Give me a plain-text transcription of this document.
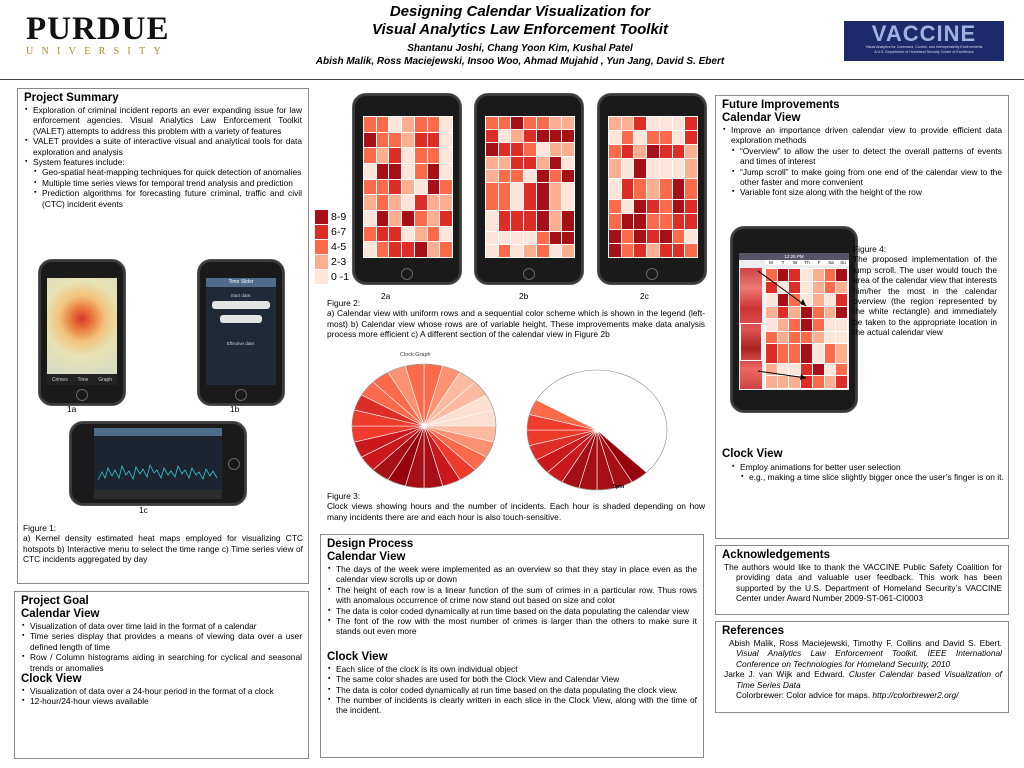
PURDUE
UNIVERSITY
Designing Calendar Visualization for
Visual Analytics Law Enforcement Toolkit
Shantanu Joshi, Chang Yoon Kim, Kushal Patel
Abish Malik, Ross Maciejewski, Insoo Woo, Ahmad Mujahid , Yun Jang, David S. Ebert
VACCINE
Visual Analytics for Command, Control, and Interoperability Environments
A U.S. Department of Homeland Security Center of Excellence
Project Summary
▪ Exploration of criminal incident reports an ever expanding issue for law enforcement agencies. Visual Analytics Law Enforcement Toolkit (VALET) attempts to address this problem with a variety of features
▪ VALET provides a suite of interactive visual and analytical tools for data exploration and analysis
▪ System features include:
▪ Geo-spatial heat-mapping techniques for quick detection of anomalies
▪ Multiple time series views for temporal trend analysis and prediction
▪ Prediction algorithms for forecasting future criminal, traffic and civil (CTC) incident events
Crimes Time Graph
1a
Time Slider
Start date:
Effective date:
1b
1c
Figure 1:
a) Kernel density estimated heat maps employed for visualizing CTC hotspots b) Interactive menu to select the time range c) Time series view of CTC incidents aggregated by day
Project Goal
Calendar View
▪ Visualization of data over time laid in the format of a calendar
▪ Time series display that provides a means of viewing data over a user defined length of time
▪ Row / Column histograms aiding in searching for cyclical and seasonal trends or anomalies
Clock View
▪ Visualization of data over a 24-hour period in the format of a clock
▪ 12-hour/24-hour views available
8-9
6-7
4-5
2-3
0 -1
2a	2b	2c
Figure 2:
a) Calendar view with uniform rows and a sequential color scheme which is shown in the legend (left-most) b) Calendar view whose rows are of variable height. These improvements make data analysis process more efficient c) A different section of the calendar view in Figure 2b
Clock Graph
5pm
Figure 3:
Clock views showing hours and the number of incidents. Each hour is shaded depending on how many incidents there are and each hour is also touch-sensitive.
Design Process
Calendar View
▪ The days of the week were implemented as an overview so that they stay in place even as the calendar view scrolls up or down
▪ The height of each row is a linear function of the sum of crimes in a particular row. Thus rows with anomalous occurrence of crime now stand out based on size and color
▪ The data is color coded dynamically at run time based on the data populating the calendar view
▪ The font of the row with the most number of crimes is larger than the others to make sure it stands out even more
Clock View
▪ Each slice of the clock is its own individual object
▪ The same color shades are used for both the Clock View and Calendar View
▪ The data is color coded dynamically at run time based on the data populating the clock view.
▪ The number of incidents is clearly written in each slice in the Clock View, along with the time of the incident.
Future Improvements
Calendar View
▪ Improve an importance driven calendar view to provide efficient data exploration methods
▪ “Overview” to allow the user to detect the overall patterns of events and times of interest
▪ “Jump scroll” to make going from one end of the calendar view to the other faster and more convenient
▪ Variable font size along with the height of the row
12:26 PM
M	T	W	Th	F	Sa	Su
Figure 4:
The proposed implementation of the jump scroll. The user would touch the area of the calendar view that interests him/her the most in the calendar overview (the region represented by the white rectangle) and immediately be taken to the appropriate location in the actual calendar view
Clock View
▪ Employ animations for better user selection
▪ e.g., making a time slice slightly bigger once the user’s finger is on it.
Acknowledgements
The authors would like to thank the VACCINE Public Safety Coalition for providing data and valuable user feedback. This work has been supported by the U.S. Department of Homeland Securityʼs VACCINE Center under Award Number 2009-ST-061-CI0003
References
Abish Malik, Ross Maciejewski, Timothy F. Collins and David S. Ebert. Visual Analytics Law Enforcement Toolkit. IEEE International Conference on Technologies for Homeland Security, 2010
Jarke J. van Wijk and Edward. Cluster Calendar based Visualization of Time Series Data
Colorbrewer: Color advice for maps. http://colorbrewer2.org/
